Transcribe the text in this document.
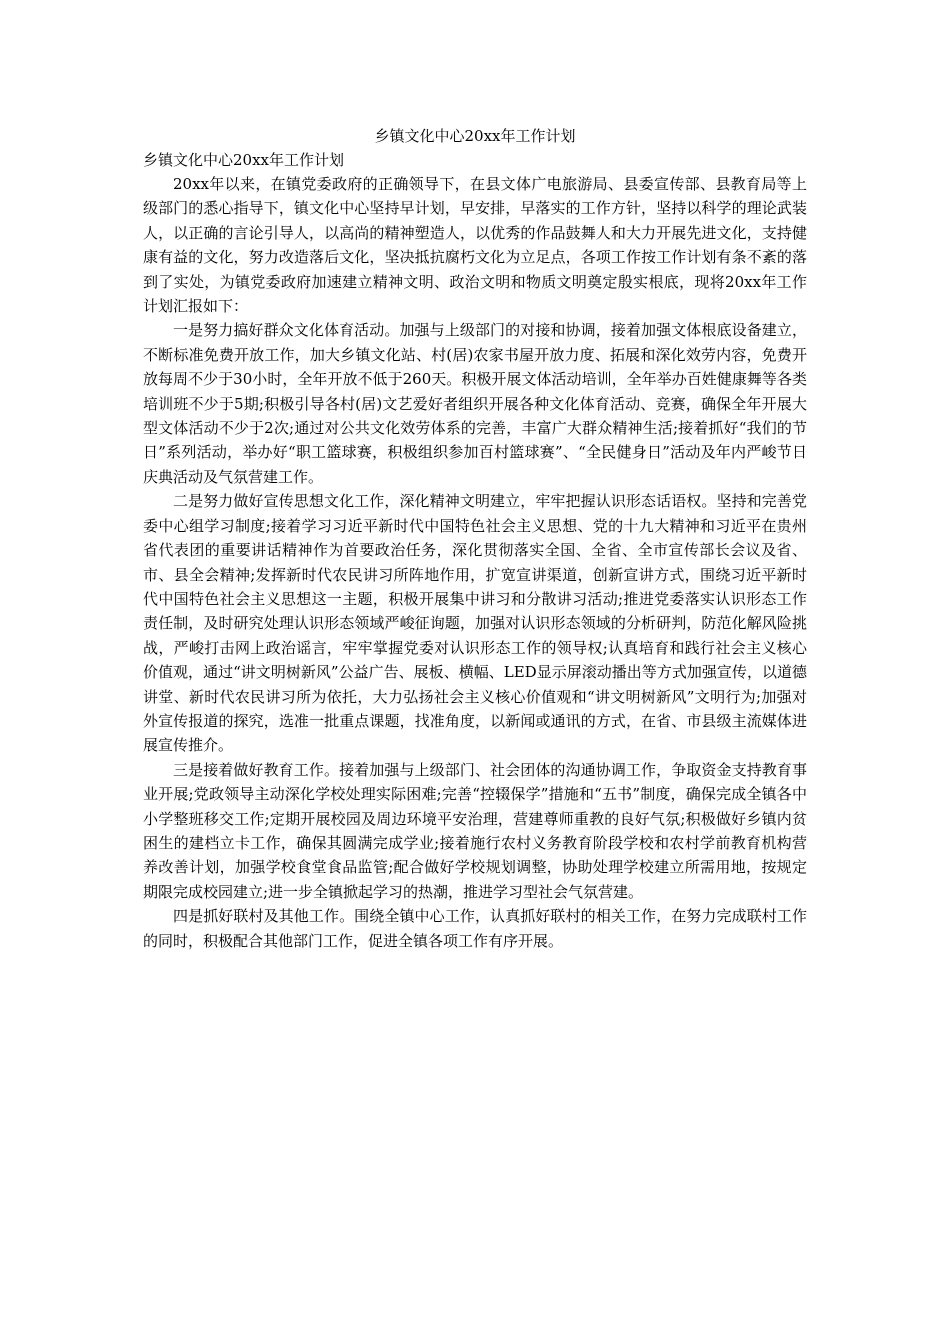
乡镇文化中心20xx年工作计划

乡镇文化中心20xx年工作计划

20xx年以来，在镇党委政府的正确领导下，在县文体广电旅游局、县委宣传部、县教育局等上级部门的悉心指导下，镇文化中心坚持早计划，早安排，早落实的工作方针，坚持以科学的理论武装人，以正确的言论引导人，以高尚的精神塑造人，以优秀的作品鼓舞人和大力开展先进文化，支持健康有益的文化，努力改造落后文化，坚决抵抗腐朽文化为立足点，各项工作按工作计划有条不紊的落到了实处，为镇党委政府加速建立精神文明、政治文明和物质文明奠定殷实根底，现将20xx年工作计划汇报如下：

一是努力搞好群众文化体育活动。加强与上级部门的对接和协调，接着加强文体根底设备建立，不断标准免费开放工作，加大乡镇文化站、村(居)农家书屋开放力度、拓展和深化效劳内容，免费开放每周不少于30小时，全年开放不低于260天。积极开展文体活动培训，全年举办百姓健康舞等各类培训班不少于5期;积极引导各村(居)文艺爱好者组织开展各种文化体育活动、竞赛，确保全年开展大型文体活动不少于2次;通过对公共文化效劳体系的完善，丰富广大群众精神生活;接着抓好“我们的节日”系列活动，举办好“职工篮球赛，积极组织参加百村篮球赛”、“全民健身日”活动及年内严峻节日庆典活动及气氛营建工作。

二是努力做好宣传思想文化工作，深化精神文明建立，牢牢把握认识形态话语权。坚持和完善党委中心组学习制度;接着学习习近平新时代中国特色社会主义思想、党的十九大精神和习近平在贵州省代表团的重要讲话精神作为首要政治任务，深化贯彻落实全国、全省、全市宣传部长会议及省、市、县全会精神;发挥新时代农民讲习所阵地作用，扩宽宣讲渠道，创新宣讲方式，围绕习近平新时代中国特色社会主义思想这一主题，积极开展集中讲习和分散讲习活动;推进党委落实认识形态工作责任制，及时研究处理认识形态领域严峻征询题，加强对认识形态领域的分析研判，防范化解风险挑战，严峻打击网上政治谣言，牢牢掌握党委对认识形态工作的领导权;认真培育和践行社会主义核心价值观，通过“讲文明树新风”公益广告、展板、横幅、LED显示屏滚动播出等方式加强宣传，以道德讲堂、新时代农民讲习所为依托，大力弘扬社会主义核心价值观和“讲文明树新风”文明行为;加强对外宣传报道的探究，选准一批重点课题，找准角度，以新闻或通讯的方式，在省、市县级主流媒体进展宣传推介。

三是接着做好教育工作。接着加强与上级部门、社会团体的沟通协调工作，争取资金支持教育事业开展;党政领导主动深化学校处理实际困难;完善“控辍保学”措施和“五书”制度，确保完成全镇各中小学整班移交工作;定期开展校园及周边环境平安治理，营建尊师重教的良好气氛;积极做好乡镇内贫困生的建档立卡工作，确保其圆满完成学业;接着施行农村义务教育阶段学校和农村学前教育机构营养改善计划，加强学校食堂食品监管;配合做好学校规划调整，协助处理学校建立所需用地，按规定期限完成校园建立;进一步全镇掀起学习的热潮，推进学习型社会气氛营建。

四是抓好联村及其他工作。围绕全镇中心工作，认真抓好联村的相关工作，在努力完成联村工作的同时，积极配合其他部门工作，促进全镇各项工作有序开展。
